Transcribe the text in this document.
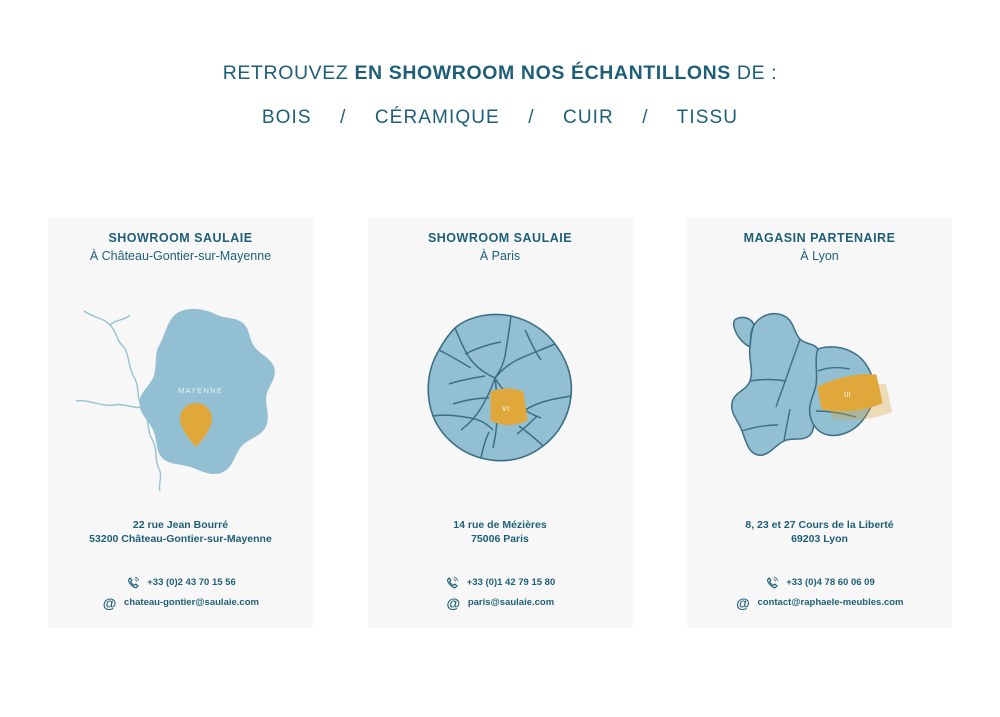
RETROUVEZ EN SHOWROOM NOS ÉCHANTILLONS DE :
BOIS / CÉRAMIQUE / CUIR / TISSU
SHOWROOM SAULAIE
À Château-Gontier-sur-Mayenne
MAYENNE
22 rue Jean Bourré
53200 Château-Gontier-sur-Mayenne
+33 (0)2 43 70 15 56
@ chateau-gontier@saulaie.com
SHOWROOM SAULAIE
À Paris
VI
14 rue de Mézières
75006 Paris
+33 (0)1 42 79 15 80
@ paris@saulaie.com
MAGASIN PARTENAIRE
À Lyon
III
8, 23 et 27 Cours de la Liberté
69203 Lyon
+33 (0)4 78 60 06 09
@ contact@raphaele-meubles.com
